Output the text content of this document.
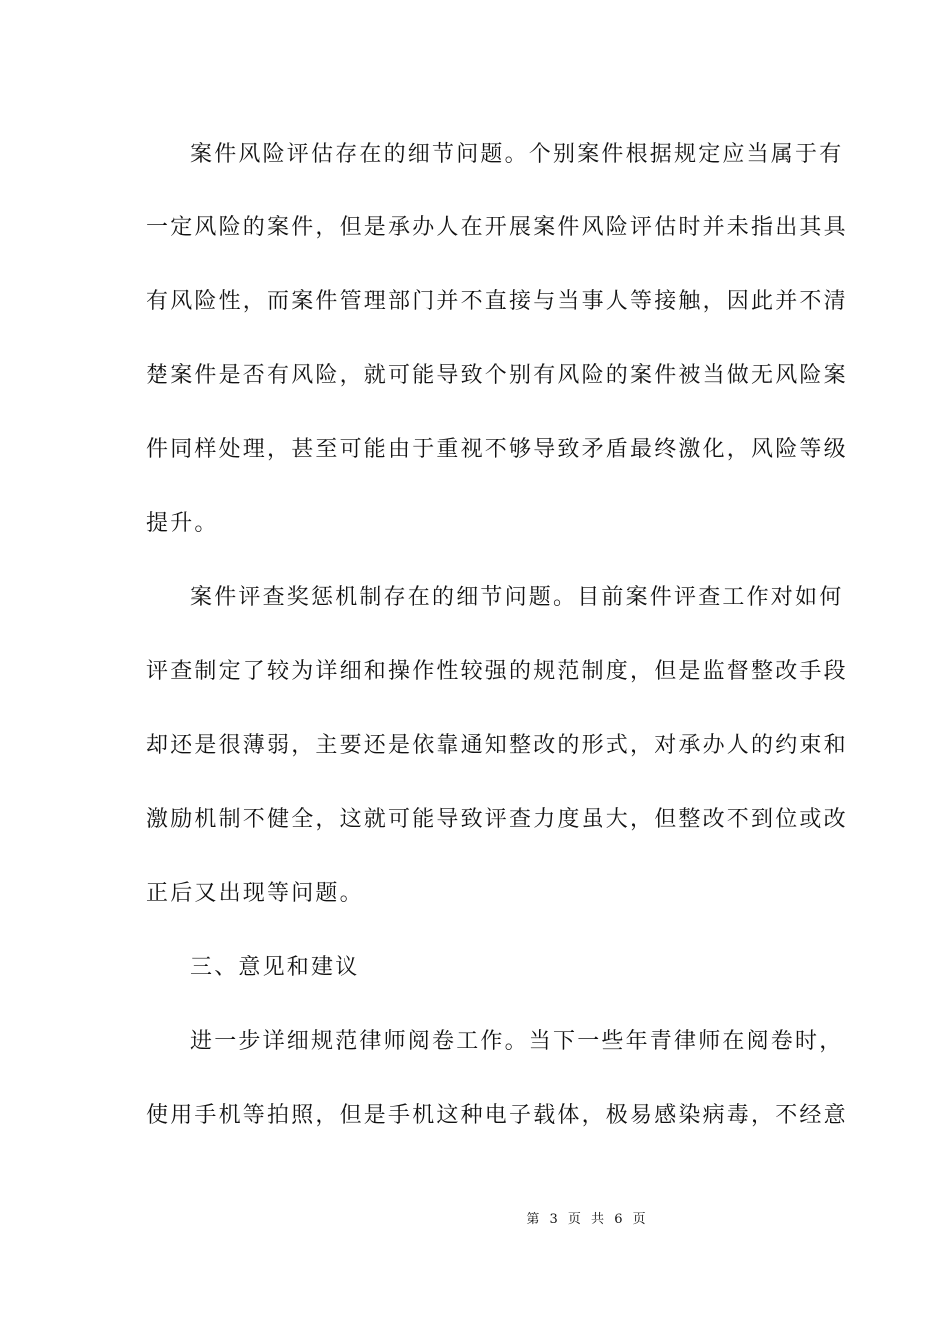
案件风险评估存在的细节问题。个别案件根据规定应当属于有
一定风险的案件，但是承办人在开展案件风险评估时并未指出其具
有风险性，而案件管理部门并不直接与当事人等接触，因此并不清
楚案件是否有风险，就可能导致个别有风险的案件被当做无风险案
件同样处理，甚至可能由于重视不够导致矛盾最终激化，风险等级
提升。
案件评查奖惩机制存在的细节问题。目前案件评查工作对如何
评查制定了较为详细和操作性较强的规范制度，但是监督整改手段
却还是很薄弱，主要还是依靠通知整改的形式，对承办人的约束和
激励机制不健全，这就可能导致评查力度虽大，但整改不到位或改
正后又出现等问题。
三、意见和建议
进一步详细规范律师阅卷工作。当下一些年青律师在阅卷时，
使用手机等拍照，但是手机这种电子载体，极易感染病毒，不经意
第 3 页 共 6 页
